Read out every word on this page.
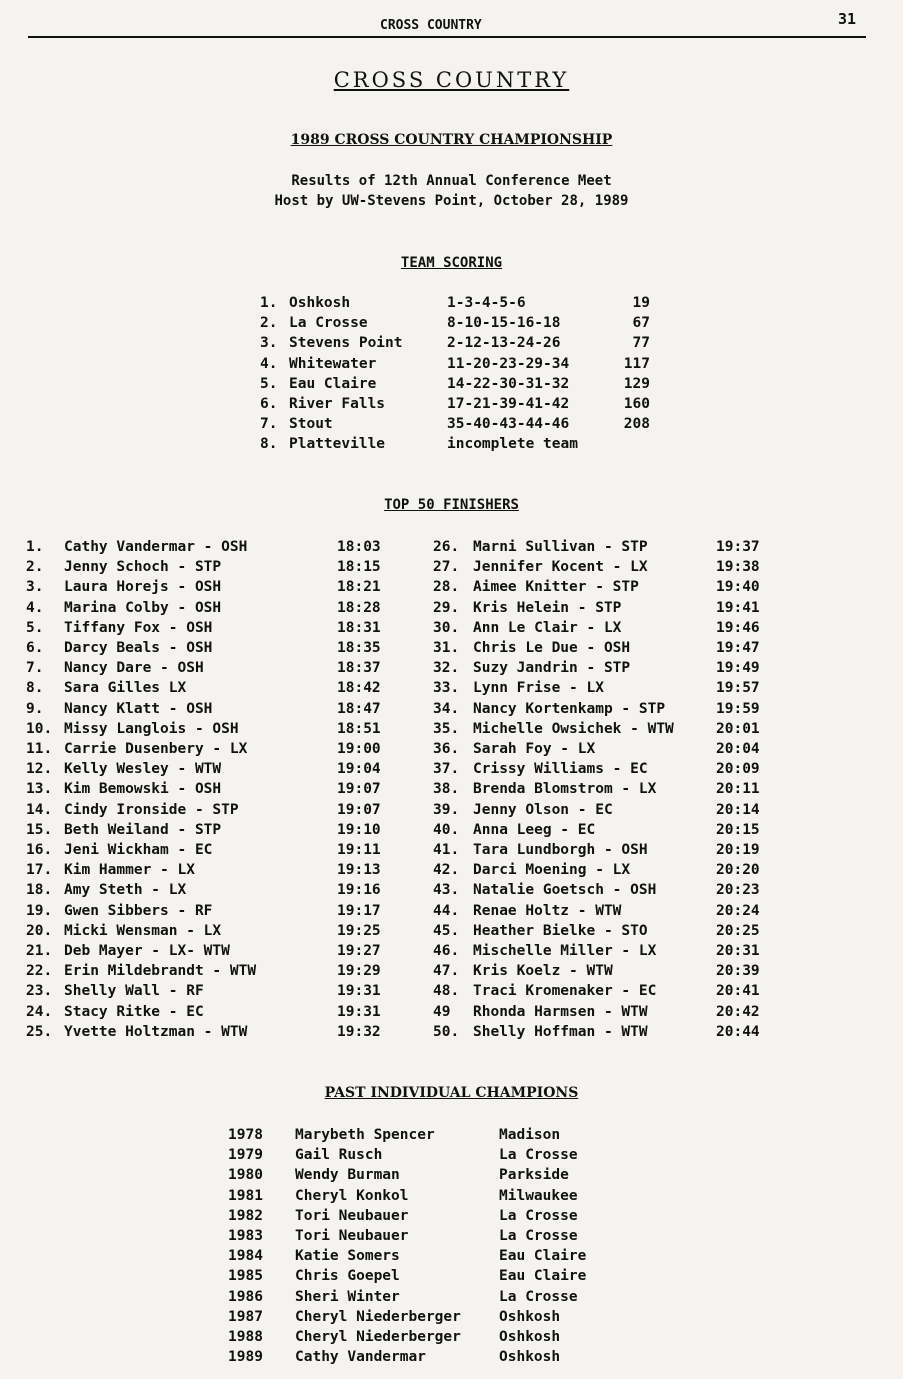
CROSS COUNTRY	31
CROSS COUNTRY
1989 CROSS COUNTRY CHAMPIONSHIP
Results of 12th Annual Conference Meet
Host by UW-Stevens Point, October 28, 1989
TEAM SCORING
1. Oshkosh	1-3-4-5-6	19
2. La Crosse	8-10-15-16-18	67
3. Stevens Point	2-12-13-24-26	77
4. Whitewater	11-20-23-29-34	117
5. Eau Claire	14-22-30-31-32	129
6. River Falls	17-21-39-41-42	160
7. Stout	35-40-43-44-46	208
8. Platteville	incomplete team
TOP 50 FINISHERS
1. Cathy Vandermar - OSH	18:03
2. Jenny Schoch - STP	18:15
3. Laura Horejs - OSH	18:21
4. Marina Colby - OSH	18:28
5. Tiffany Fox - OSH	18:31
6. Darcy Beals - OSH	18:35
7. Nancy Dare - OSH	18:37
8. Sara Gilles LX	18:42
9. Nancy Klatt - OSH	18:47
10. Missy Langlois - OSH	18:51
11. Carrie Dusenbery - LX	19:00
12. Kelly Wesley - WTW	19:04
13. Kim Bemowski - OSH	19:07
14. Cindy Ironside - STP	19:07
15. Beth Weiland - STP	19:10
16. Jeni Wickham - EC	19:11
17. Kim Hammer - LX	19:13
18. Amy Steth - LX	19:16
19. Gwen Sibbers - RF	19:17
20. Micki Wensman - LX	19:25
21. Deb Mayer - LX- WTW	19:27
22. Erin Mildebrandt - WTW	19:29
23. Shelly Wall - RF	19:31
24. Stacy Ritke - EC	19:31
25. Yvette Holtzman - WTW	19:32
26. Marni Sullivan - STP	19:37
27. Jennifer Kocent - LX	19:38
28. Aimee Knitter - STP	19:40
29. Kris Helein - STP	19:41
30. Ann Le Clair - LX	19:46
31. Chris Le Due - OSH	19:47
32. Suzy Jandrin - STP	19:49
33. Lynn Frise - LX	19:57
34. Nancy Kortenkamp - STP	19:59
35. Michelle Owsichek - WTW	20:01
36. Sarah Foy - LX	20:04
37. Crissy Williams - EC	20:09
38. Brenda Blomstrom - LX	20:11
39. Jenny Olson - EC	20:14
40. Anna Leeg - EC	20:15
41. Tara Lundborgh - OSH	20:19
42. Darci Moening - LX	20:20
43. Natalie Goetsch - OSH	20:23
44. Renae Holtz - WTW	20:24
45. Heather Bielke - STO	20:25
46. Mischelle Miller - LX	20:31
47. Kris Koelz - WTW	20:39
48. Traci Kromenaker - EC	20:41
49 Rhonda Harmsen - WTW	20:42
50. Shelly Hoffman - WTW	20:44
PAST INDIVIDUAL CHAMPIONS
1978 Marybeth Spencer	Madison
1979 Gail Rusch	La Crosse
1980 Wendy Burman	Parkside
1981 Cheryl Konkol	Milwaukee
1982 Tori Neubauer	La Crosse
1983 Tori Neubauer	La Crosse
1984 Katie Somers	Eau Claire
1985 Chris Goepel	Eau Claire
1986 Sheri Winter	La Crosse
1987 Cheryl Niederberger	Oshkosh
1988 Cheryl Niederberger	Oshkosh
1989 Cathy Vandermar	Oshkosh
